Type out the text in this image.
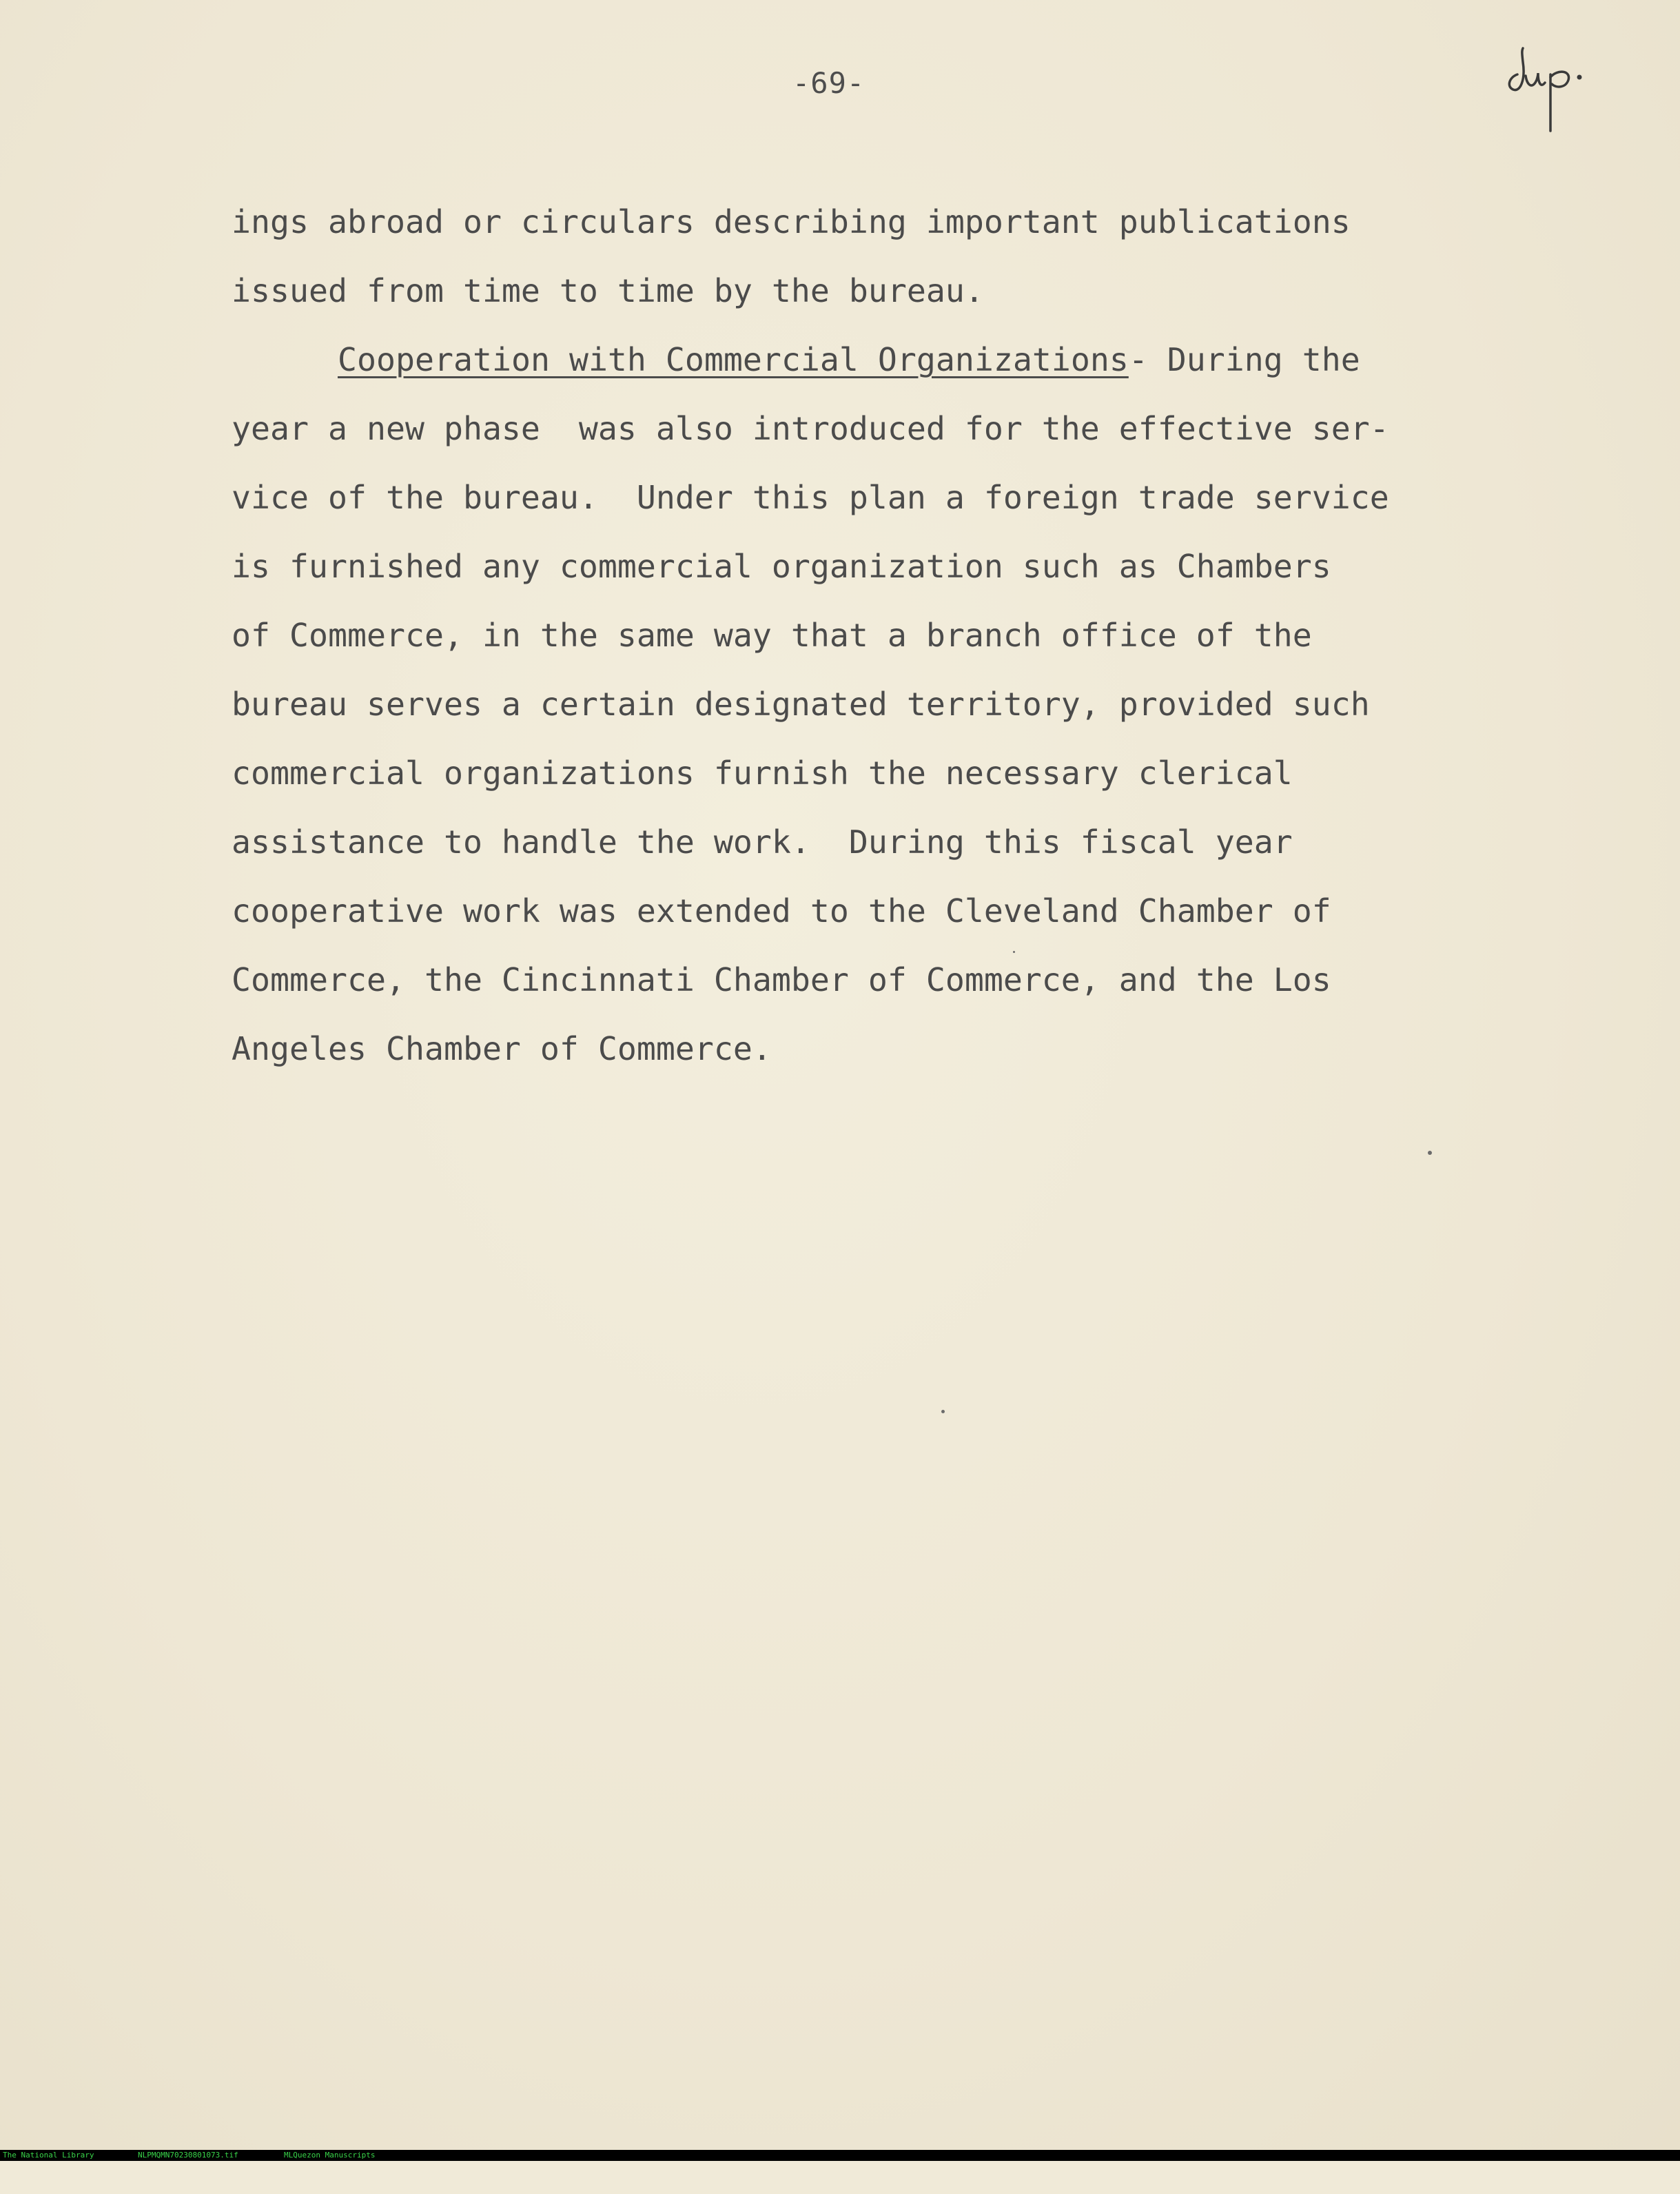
-69-
ings abroad or circulars describing important publications
issued from time to time by the bureau.
Cooperation with Commercial Organizations- During the
year a new phase  was also introduced for the effective ser-
vice of the bureau.  Under this plan a foreign trade service
is furnished any commercial organization such as Chambers
of Commerce, in the same way that a branch office of the
bureau serves a certain designated territory, provided such
commercial organizations furnish the necessary clerical
assistance to handle the work.  During this fiscal year
cooperative work was extended to the Cleveland Chamber of
Commerce, the Cincinnati Chamber of Commerce, and the Los
Angeles Chamber of Commerce.

The National Library

	NLPMQMN70230801073.tif

	MLQuezon Manuscripts
